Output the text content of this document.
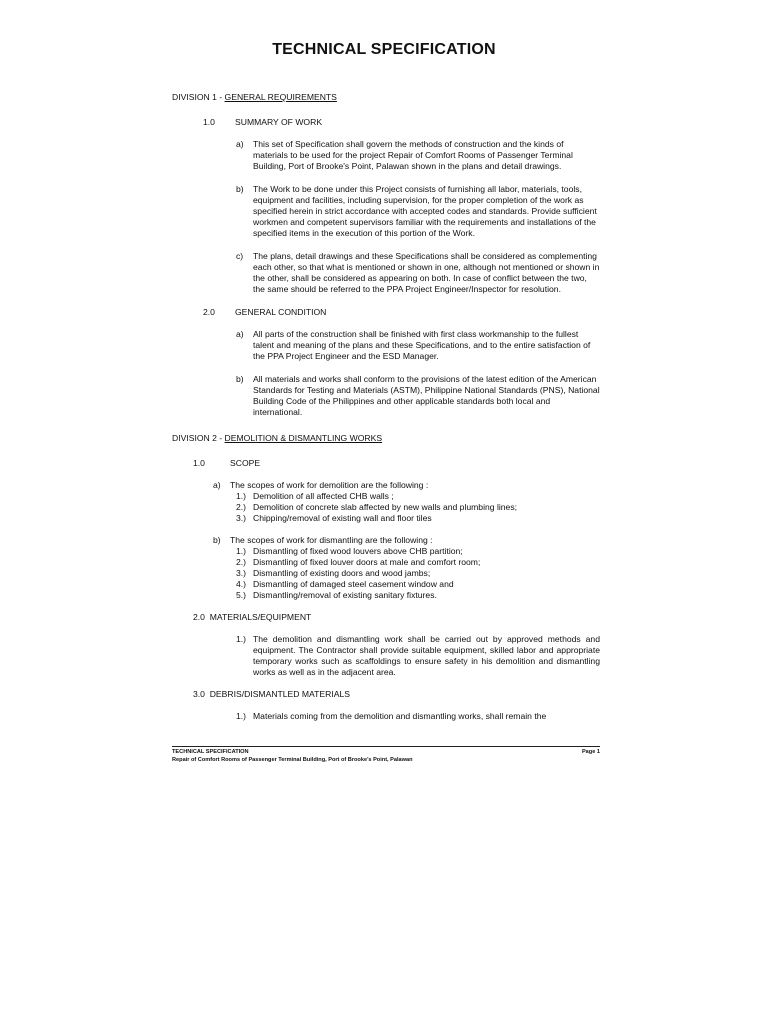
TECHNICAL SPECIFICATION
DIVISION 1 - GENERAL REQUIREMENTS
1.0	SUMMARY OF WORK
a)	This set of Specification shall govern the methods of construction and the kinds of materials to be used for the project Repair of Comfort Rooms of Passenger Terminal Building, Port of Brooke's Point, Palawan shown in the plans and detail drawings.
b)	The Work to be done under this Project consists of furnishing all labor, materials, tools, equipment and facilities, including supervision, for the proper completion of the work as specified herein in strict accordance with accepted codes and standards. Provide sufficient workmen and competent supervisors familiar with the requirements and installations of the specified items in the execution of this portion of the Work.
c)	The plans, detail drawings and these Specifications shall be considered as complementing each other, so that what is mentioned or shown in one, although not mentioned or shown in the other, shall be considered as appearing on both. In case of conflict between the two, the same should be referred to the PPA Project Engineer/Inspector for resolution.
2.0	GENERAL CONDITION
a)	All parts of the construction shall be finished with first class workmanship to the fullest talent and meaning of the plans and these Specifications, and to the entire satisfaction of the PPA Project Engineer and the ESD Manager.
b)	All materials and works shall conform to the provisions of the latest edition of the American Standards for Testing and Materials (ASTM), Philippine National Standards (PNS), National Building Code of the Philippines and other applicable standards both local and international.
DIVISION 2 - DEMOLITION & DISMANTLING WORKS
1.0	SCOPE
a)	The scopes of work for demolition are the following :
1.) Demolition of all affected CHB walls ;
2.) Demolition of concrete slab affected by new walls and plumbing lines;
3.) Chipping/removal of existing wall and floor tiles
b)	The scopes of work for dismantling are the following :
1.) Dismantling of fixed wood louvers above CHB partition;
2.) Dismantling of fixed louver doors at male and comfort room;
3.) Dismantling of existing doors and wood jambs;
4.) Dismantling of damaged steel casement window and
5.) Dismantling/removal of existing sanitary fixtures.
2.0  MATERIALS/EQUIPMENT
1.) The demolition and dismantling work shall be carried out by approved methods and equipment. The Contractor shall provide suitable equipment, skilled labor and appropriate temporary works such as scaffoldings to ensure safety in his demolition and dismantling works as well as in the adjacent area.
3.0  DEBRIS/DISMANTLED MATERIALS
1.) Materials coming from the demolition and dismantling works, shall remain the
TECHNICAL SPECIFICATION	Page 1
Repair of Comfort Rooms of Passenger Terminal Building, Port of Brooke's Point, Palawan
